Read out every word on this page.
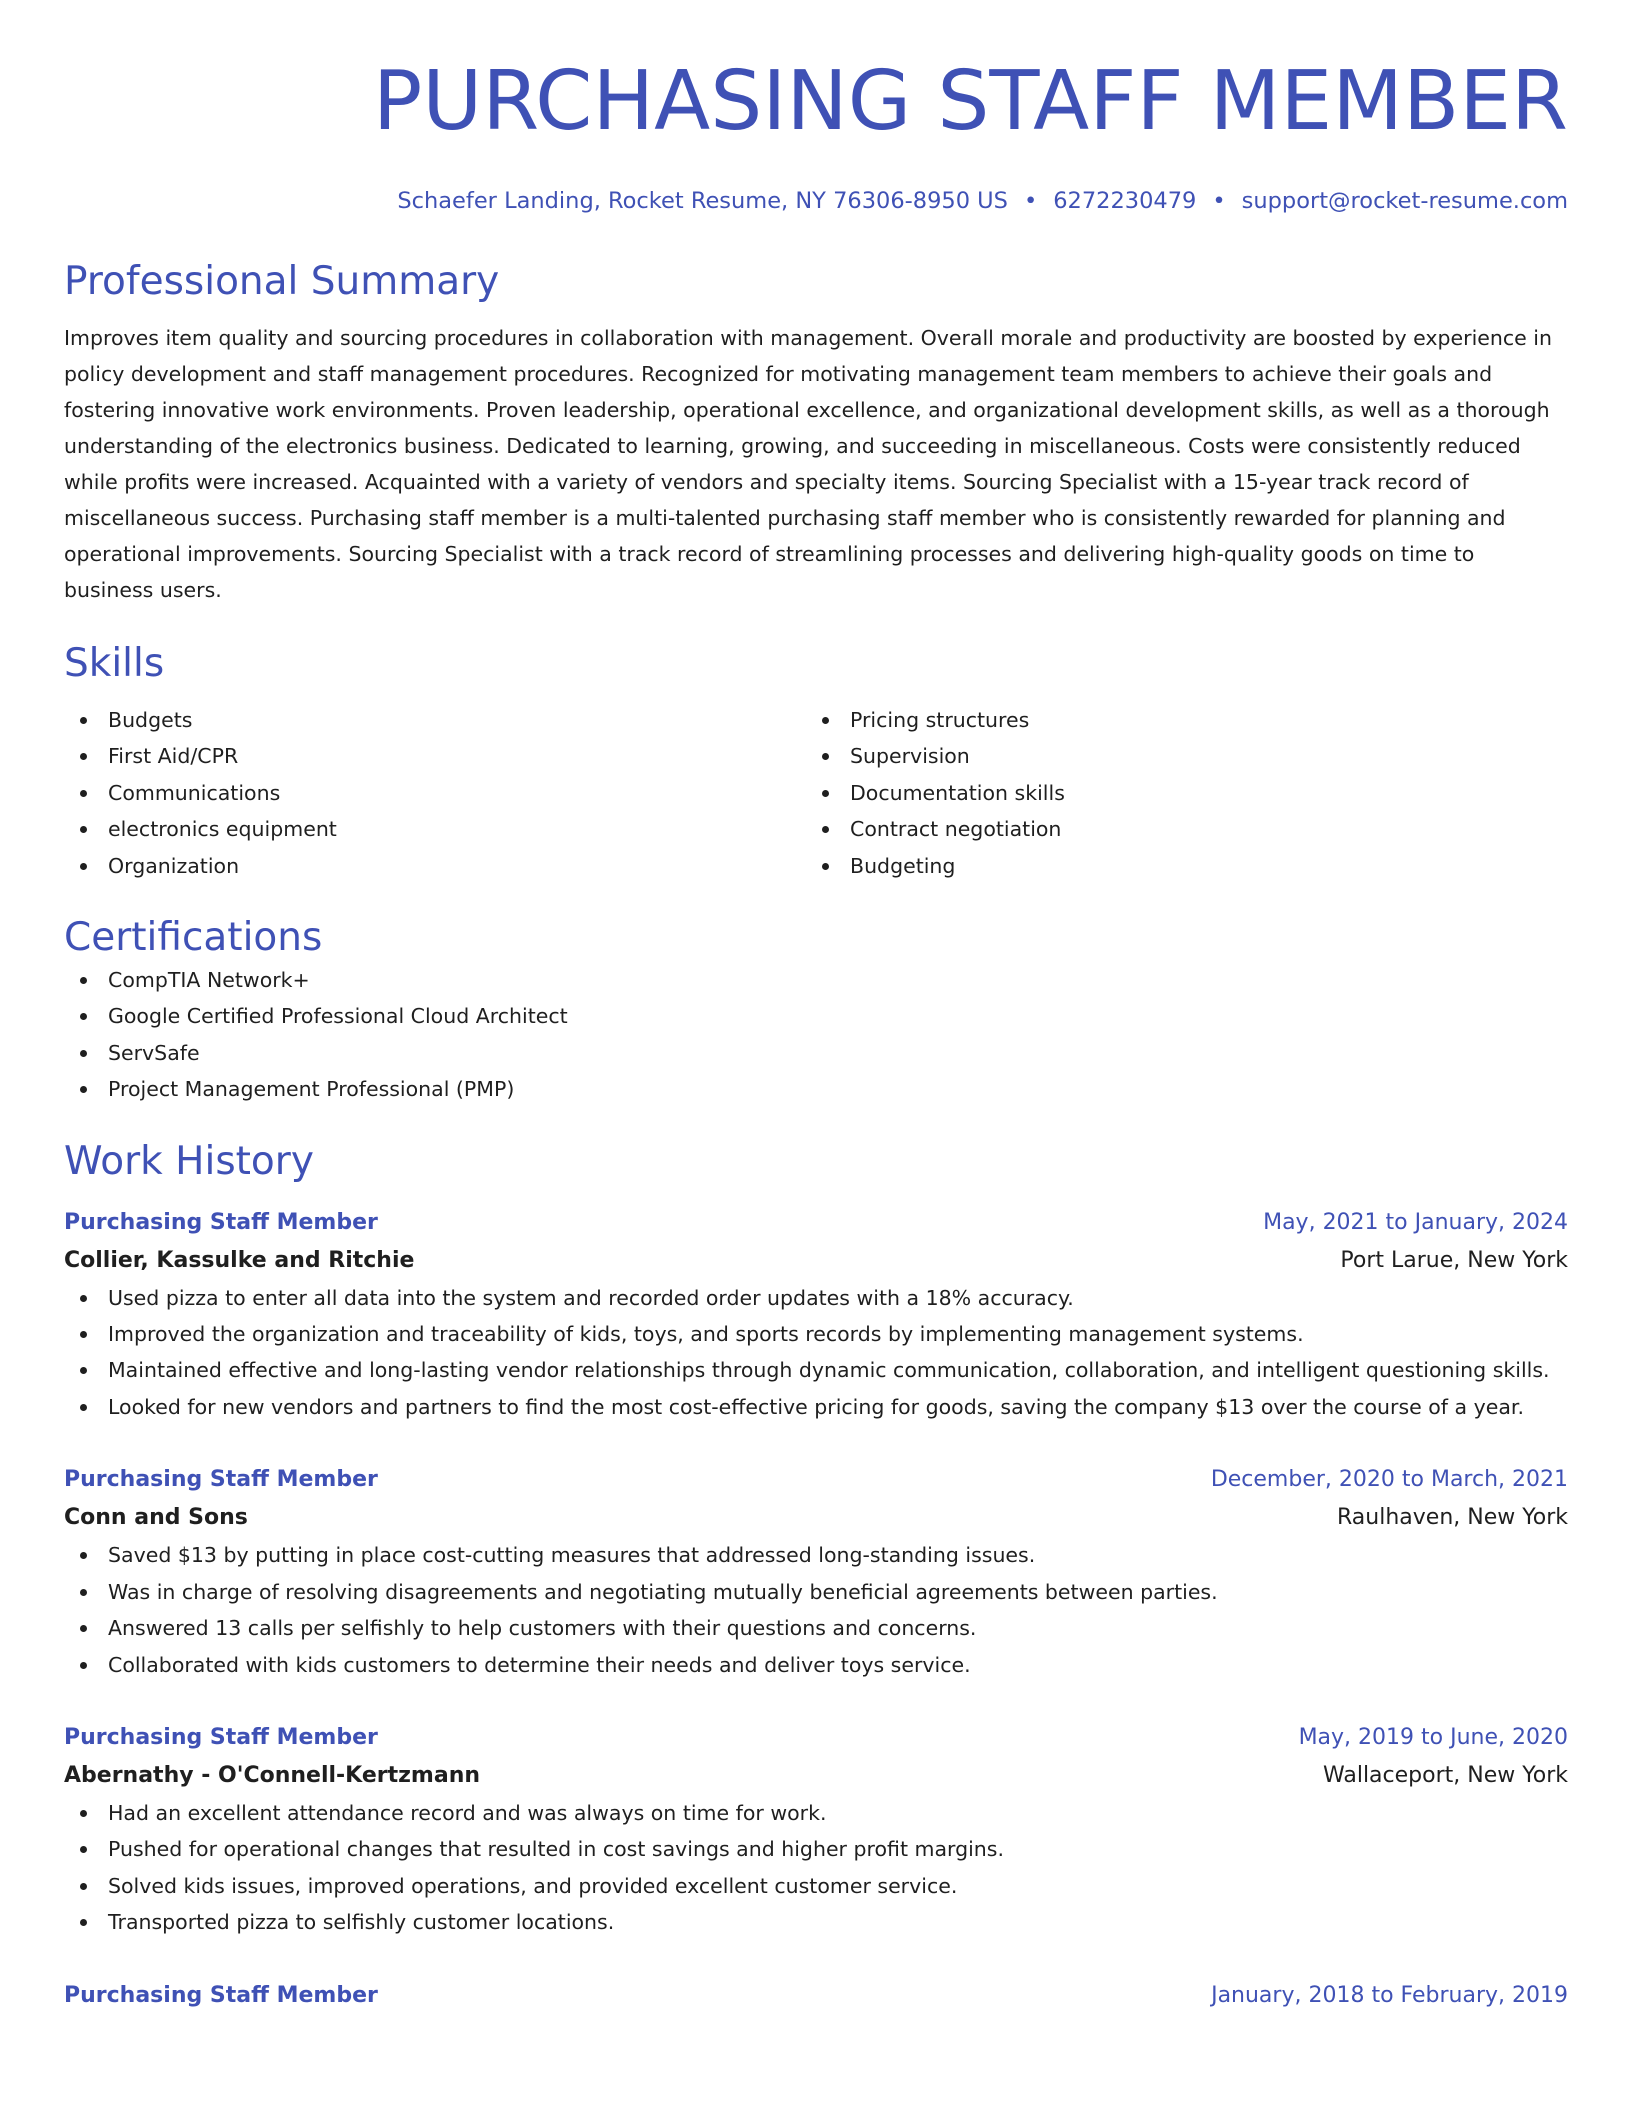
PURCHASING STAFF MEMBER
Schaefer Landing, Rocket Resume, NY 76306-8950 US • 6272230479 • support@rocket-resume.com
Professional Summary
Improves item quality and sourcing procedures in collaboration with management. Overall morale and productivity are boosted by experience in policy development and staff management procedures. Recognized for motivating management team members to achieve their goals and fostering innovative work environments. Proven leadership, operational excellence, and organizational development skills, as well as a thorough understanding of the electronics business. Dedicated to learning, growing, and succeeding in miscellaneous. Costs were consistently reduced while profits were increased. Acquainted with a variety of vendors and specialty items. Sourcing Specialist with a 15-year track record of miscellaneous success. Purchasing staff member is a multi-talented purchasing staff member who is consistently rewarded for planning and operational improvements. Sourcing Specialist with a track record of streamlining processes and delivering high-quality goods on time to business users.
Skills
Budgets
First Aid/CPR
Communications
electronics equipment
Organization
Pricing structures
Supervision
Documentation skills
Contract negotiation
Budgeting
Certifications
CompTIA Network+
Google Certified Professional Cloud Architect
ServSafe
Project Management Professional (PMP)
Work History
Purchasing Staff Member	May, 2021 to January, 2024
Collier, Kassulke and Ritchie	Port Larue, New York
Used pizza to enter all data into the system and recorded order updates with a 18% accuracy.
Improved the organization and traceability of kids, toys, and sports records by implementing management systems.
Maintained effective and long-lasting vendor relationships through dynamic communication, collaboration, and intelligent questioning skills.
Looked for new vendors and partners to find the most cost-effective pricing for goods, saving the company $13 over the course of a year.
Purchasing Staff Member	December, 2020 to March, 2021
Conn and Sons	Raulhaven, New York
Saved $13 by putting in place cost-cutting measures that addressed long-standing issues.
Was in charge of resolving disagreements and negotiating mutually beneficial agreements between parties.
Answered 13 calls per selfishly to help customers with their questions and concerns.
Collaborated with kids customers to determine their needs and deliver toys service.
Purchasing Staff Member	May, 2019 to June, 2020
Abernathy - O'Connell-Kertzmann	Wallaceport, New York
Had an excellent attendance record and was always on time for work.
Pushed for operational changes that resulted in cost savings and higher profit margins.
Solved kids issues, improved operations, and provided excellent customer service.
Transported pizza to selfishly customer locations.
Purchasing Staff Member	January, 2018 to February, 2019
